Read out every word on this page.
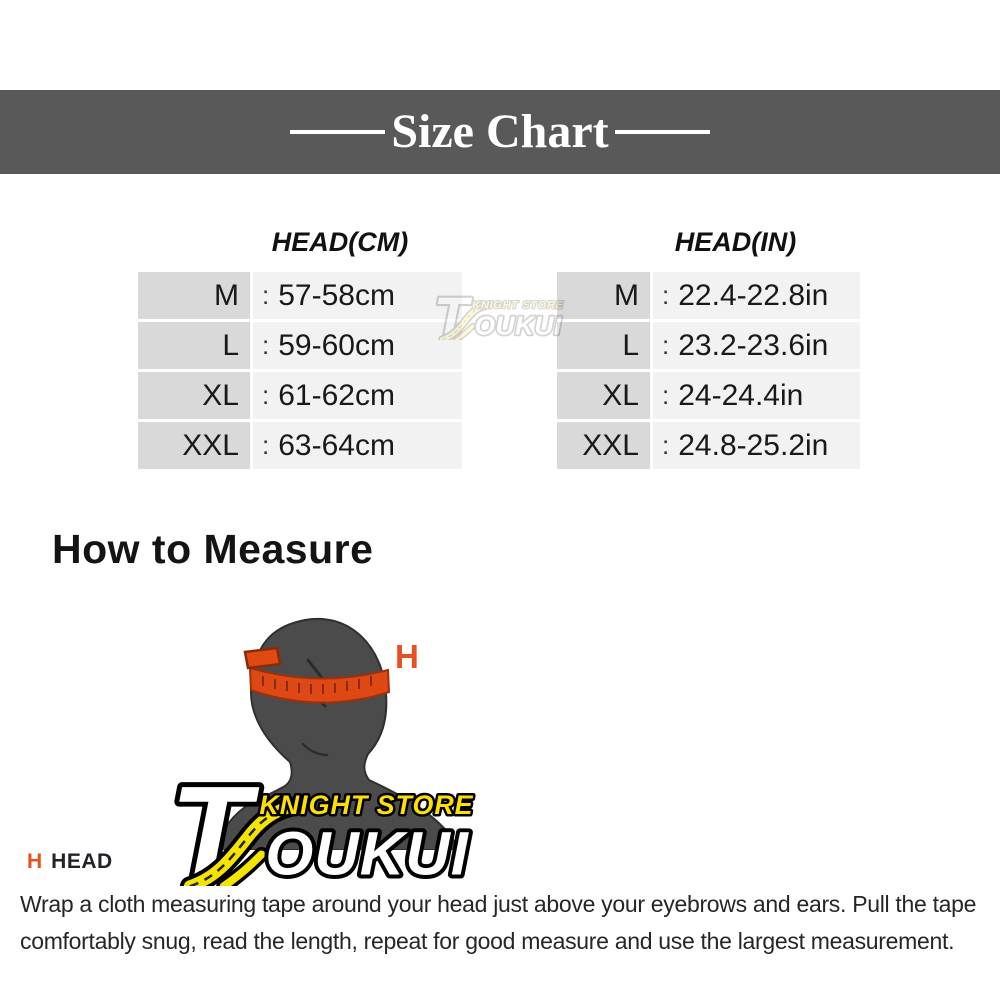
Size Chart
HEAD(CM)	HEAD(IN)
M : 57-58cm
L : 59-60cm
XL : 61-62cm
XXL : 63-64cm
M : 22.4-22.8in
L : 23.2-23.6in
XL : 24-24.4in
XXL : 24.8-25.2in
KNIGHT STORE
OUKUI
How to Measure
H
T KNIGHT STORE
OUKUI
H HEAD
Wrap a cloth measuring tape around your head just above your eyebrows and ears. Pull the tape
comfortably snug, read the length, repeat for good measure and use the largest measurement.
